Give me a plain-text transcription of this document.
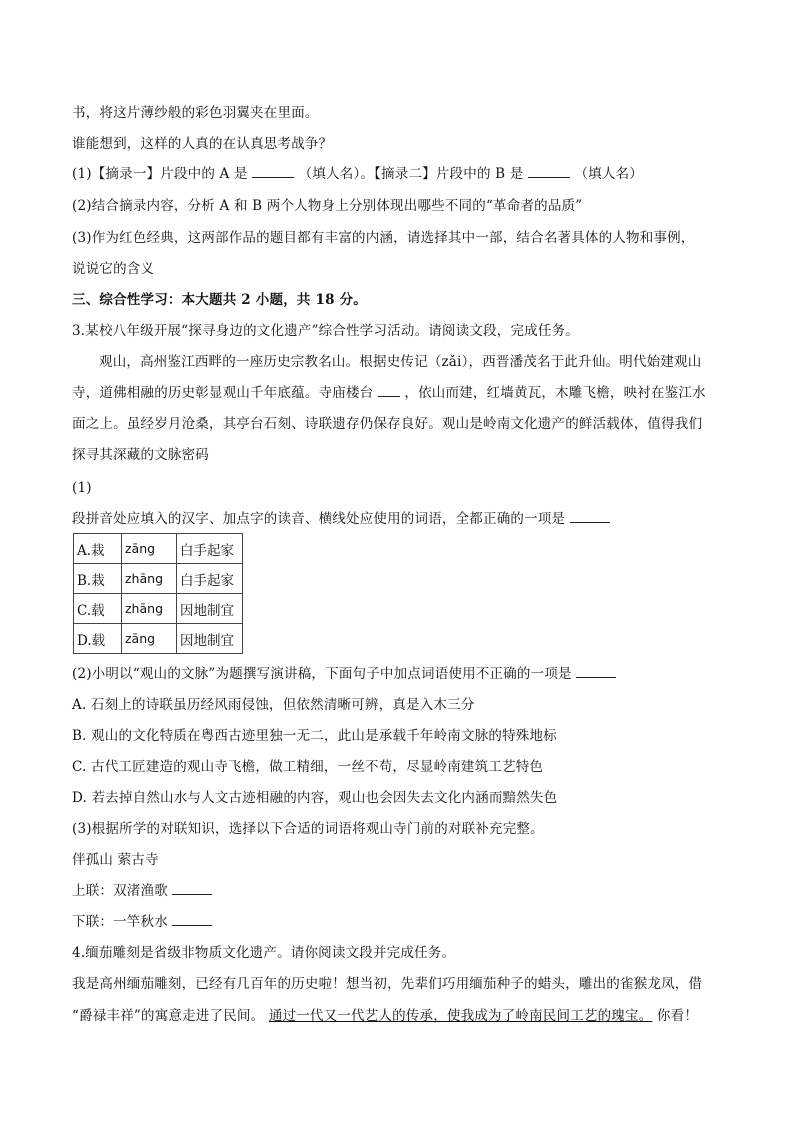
书，将这片薄纱般的彩色羽翼夹在里面。
谁能想到，这样的人真的在认真思考战争？
(1)【摘录一】片段中的 A 是	（填人名）。【摘录二】片段中的 B 是	（填人名）
(2)结合摘录内容，分析 A 和 B 两个人物身上分别体现出哪些不同的“革命者的品质”
(3)作为红色经典，这两部作品的题目都有丰富的内涵，请选择其中一部，结合名著具体的人物和事例，
说说它的含义
三、综合性学习：本大题共 2 小题，共 18 分。
3.某校八年级开展“探寻身边的文化遗产”综合性学习活动。请阅读文段，完成任务。
观山，高州鉴江西畔的一座历史宗教名山。根据史传记（zǎi），西晋潘茂名于此升仙。明代始建观山
寺，道佛相融的历史彰显观山千年底蕴。寺庙楼台 ，依山而建，红墙黄瓦，木雕飞檐，映衬在鉴江水
面之上。虽经岁月沧桑，其亭台石刻、诗联遗存仍保存良好。观山是岭南文化遗产的鲜活载体，值得我们
探寻其深藏的文脉密码
(1)
段拼音处应填入的汉字、加点字的读音、横线处应使用的词语，全都正确的一项是
A.栽	zāng	白手起家
B.栽	zhāng	白手起家
C.载	zhāng	因地制宜
D.载	zāng	因地制宜
(2)小明以“观山的文脉”为题撰写演讲稿，下面句子中加点词语使用不正确的一项是
A. 石刻上的诗联虽历经风雨侵蚀，但依然清晰可辨，真是入木三分
B. 观山的文化特质在粤西古迹里独一无二，此山是承载千年岭南文脉的特殊地标
C. 古代工匠建造的观山寺飞檐，做工精细，一丝不苟，尽显岭南建筑工艺特色
D. 若去掉自然山水与人文古迹相融的内容，观山也会因失去文化内涵而黯然失色
(3)根据所学的对联知识，选择以下合适的词语将观山寺门前的对联补充完整。
伴孤山 萦古寺
上联：双渚渔歌
下联：一竿秋水
4.缅茄雕刻是省级非物质文化遗产。请你阅读文段并完成任务。
我是高州缅茄雕刻，已经有几百年的历史啦！想当初，先辈们巧用缅茄种子的蜡头，雕出的雀猴龙凤，借
“爵禄丰祥”的寓意走进了民间。 通过一代又一代艺人的传承，使我成为了岭南民间工艺的瑰宝。 你看！
